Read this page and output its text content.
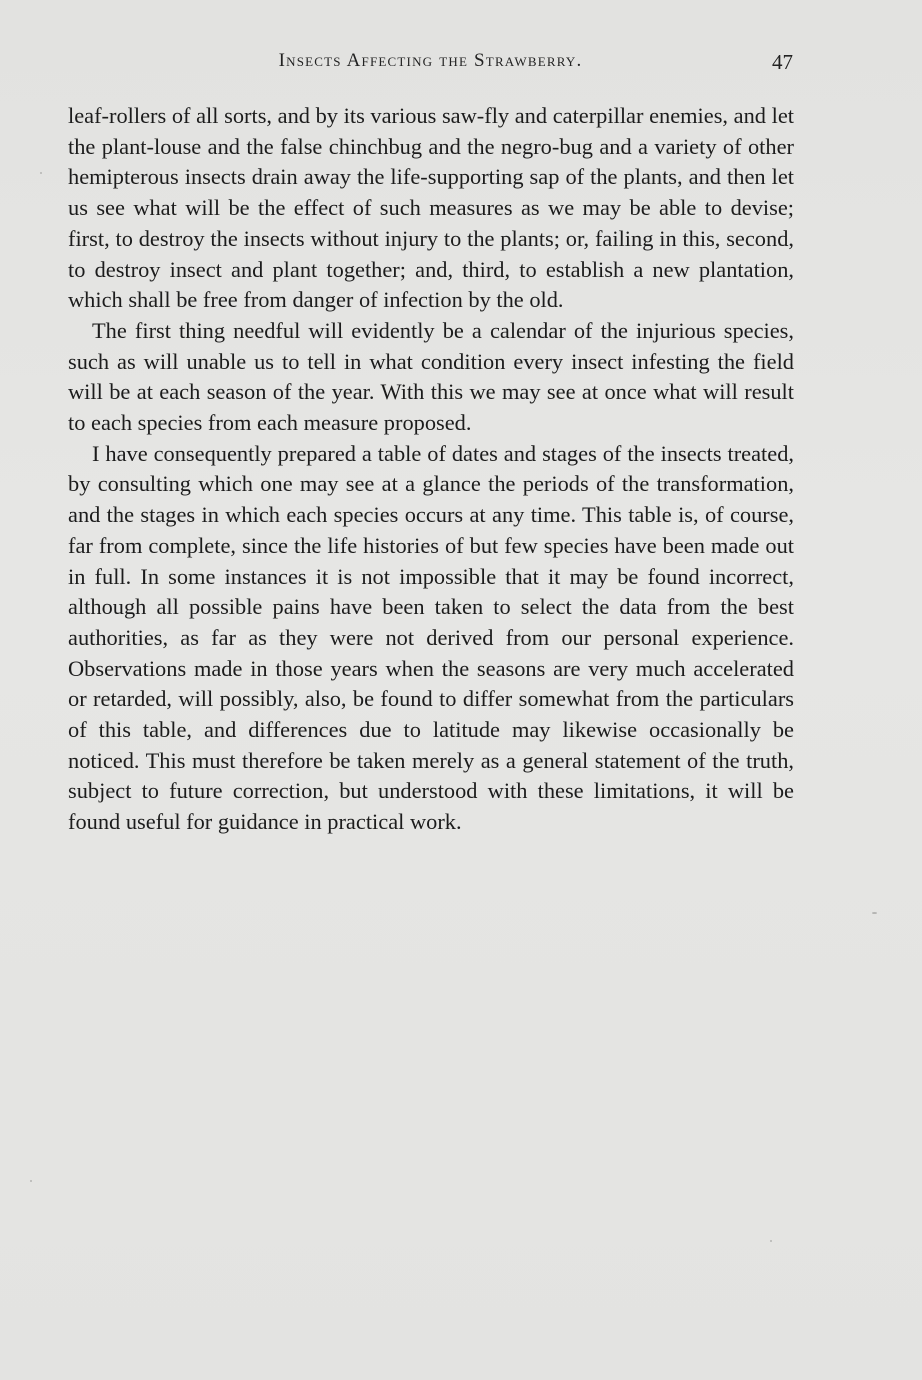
Insects Affecting the Strawberry.	47

leaf-rollers of all sorts, and by its various saw-fly and caterpillar enemies, and let the plant-louse and the false chinchbug and the negro-bug and a variety of other hemipterous insects drain away the life-supporting sap of the plants, and then let us see what will be the effect of such measures as we may be able to devise; first, to destroy the insects without injury to the plants; or, failing in this, second, to destroy insect and plant together; and, third, to establish a new plantation, which shall be free from danger of infection by the old.

The first thing needful will evidently be a calendar of the injurious species, such as will unable us to tell in what condition every insect infesting the field will be at each season of the year. With this we may see at once what will result to each species from each measure proposed.

I have consequently prepared a table of dates and stages of the insects treated, by consulting which one may see at a glance the periods of the transformation, and the stages in which each species occurs at any time. This table is, of course, far from complete, since the life histories of but few species have been made out in full. In some instances it is not impossible that it may be found incorrect, although all possible pains have been taken to select the data from the best authorities, as far as they were not derived from our personal experience. Observations made in those years when the seasons are very much accelerated or retarded, will possibly, also, be found to differ somewhat from the particulars of this table, and differences due to latitude may likewise occasionally be noticed. This must therefore be taken merely as a general statement of the truth, subject to future correction, but understood with these limitations, it will be found useful for guidance in practical work.
